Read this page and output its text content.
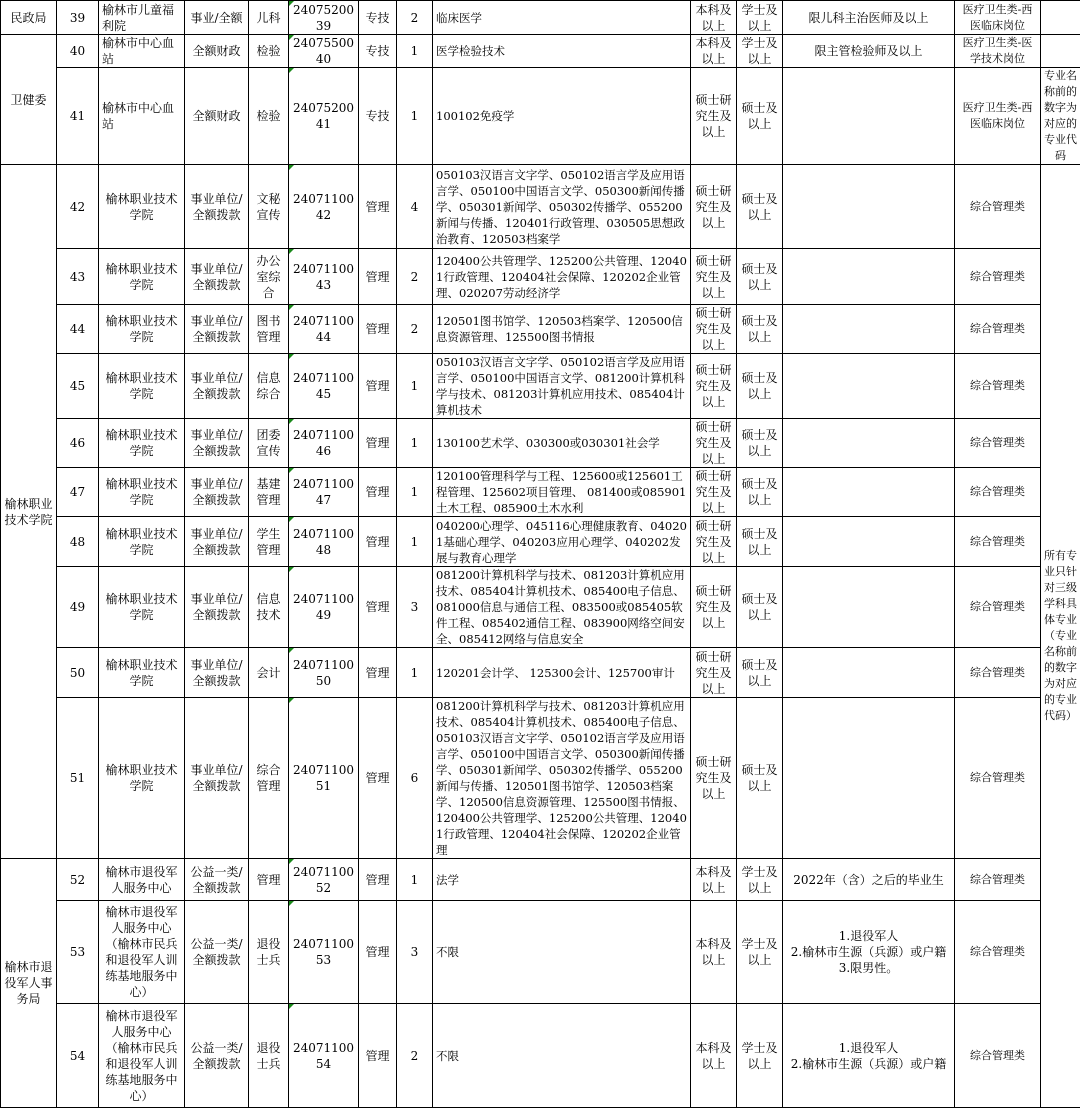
民政局	39	榆林市儿童福利院	事业/全额	儿科	2407520039	专技	2	临床医学	本科及以上	学士及以上	限儿科主治医师及以上	医疗卫生类-西医临床岗位		
卫健委	40	榆林市中心血站	全额财政	检验	2407550040	专技	1	医学检验技术	本科及以上	学士及以上	限主管检验师及以上	医疗卫生类-医学技术岗位		
	41	榆林市中心血站	全额财政	检验	2407520041	专技	1	100102免疫学	硕士研究生及以上	硕士及以上		医疗卫生类-西医临床岗位	专业名称前的数字为对应的专业代码	
榆林职业技术学院	42	榆林职业技术学院	事业单位/全额拨款	文秘宣传	2407110042	管理	4	050103汉语言文字学、050102语言学及应用语言学、050100中国语言文学、050300新闻传播学、050301新闻学、050302传播学、055200新闻与传播、120401行政管理、030505思想政治教育、120503档案学	硕士研究生及以上	硕士及以上		综合管理类	所有专业只针对三级学科具体专业（专业名称前的数字为对应的专业代码）	
	43	榆林职业技术学院	事业单位/全额拨款	办公室综合	2407110043	管理	2	120400公共管理学、125200公共管理、120401行政管理、120404社会保障、120202企业管理、020207劳动经济学	硕士研究生及以上	硕士及以上		综合管理类		
	44	榆林职业技术学院	事业单位/全额拨款	图书管理	2407110044	管理	2	120501图书馆学、120503档案学、120500信息资源管理、125500图书情报	硕士研究生及以上	硕士及以上		综合管理类		
	45	榆林职业技术学院	事业单位/全额拨款	信息综合	2407110045	管理	1	050103汉语言文字学、050102语言学及应用语言学、050100中国语言文学、081200计算机科学与技术、081203计算机应用技术、085404计算机技术	硕士研究生及以上	硕士及以上		综合管理类		
	46	榆林职业技术学院	事业单位/全额拨款	团委宣传	2407110046	管理	1	130100艺术学、030300或030301社会学	硕士研究生及以上	硕士及以上		综合管理类		
	47	榆林职业技术学院	事业单位/全额拨款	基建管理	2407110047	管理	1	120100管理科学与工程、125600或125601工程管理、125602项目管理、 081400或085901土木工程、085900土木水利	硕士研究生及以上	硕士及以上		综合管理类		
	48	榆林职业技术学院	事业单位/全额拨款	学生管理	2407110048	管理	1	040200心理学、045116心理健康教育、040201基础心理学、040203应用心理学、040202发展与教育心理学	硕士研究生及以上	硕士及以上		综合管理类		
	49	榆林职业技术学院	事业单位/全额拨款	信息技术	2407110049	管理	3	081200计算机科学与技术、081203计算机应用技术、085404计算机技术、085400电子信息、081000信息与通信工程、083500或085405软件工程、085402通信工程、083900网络空间安全、085412网络与信息安全	硕士研究生及以上	硕士及以上		综合管理类		
	50	榆林职业技术学院	事业单位/全额拨款	会计	2407110050	管理	1	120201会计学、 125300会计、125700审计	硕士研究生及以上	硕士及以上		综合管理类		
	51	榆林职业技术学院	事业单位/全额拨款	综合管理	2407110051	管理	6	081200计算机科学与技术、081203计算机应用技术、085404计算机技术、085400电子信息、050103汉语言文字学、050102语言学及应用语言学、050100中国语言文学、050300新闻传播学、050301新闻学、050302传播学、055200新闻与传播、120501图书馆学、120503档案学、120500信息资源管理、125500图书情报、120400公共管理学、125200公共管理、120401行政管理、120404社会保障、120202企业管理	硕士研究生及以上	硕士及以上		综合管理类		
榆林市退役军人事务局	52	榆林市退役军人服务中心	公益一类/全额拨款	管理	2407110052	管理	1	法学	本科及以上	学士及以上	2022年（含）之后的毕业生	综合管理类		
	53	榆林市退役军人服务中心（榆林市民兵和退役军人训练基地服务中心）	公益一类/全额拨款	退役士兵	2407110053	管理	3	不限	本科及以上	学士及以上	1.退役军人
2.榆林市生源（兵源）或户籍
3.限男性。	综合管理类	
	54	榆林市退役军人服务中心（榆林市民兵和退役军人训练基地服务中心）	公益一类/全额拨款	退役士兵	2407110054	管理	2	不限	本科及以上	学士及以上	1.退役军人
2.榆林市生源（兵源）或户籍	综合管理类	
